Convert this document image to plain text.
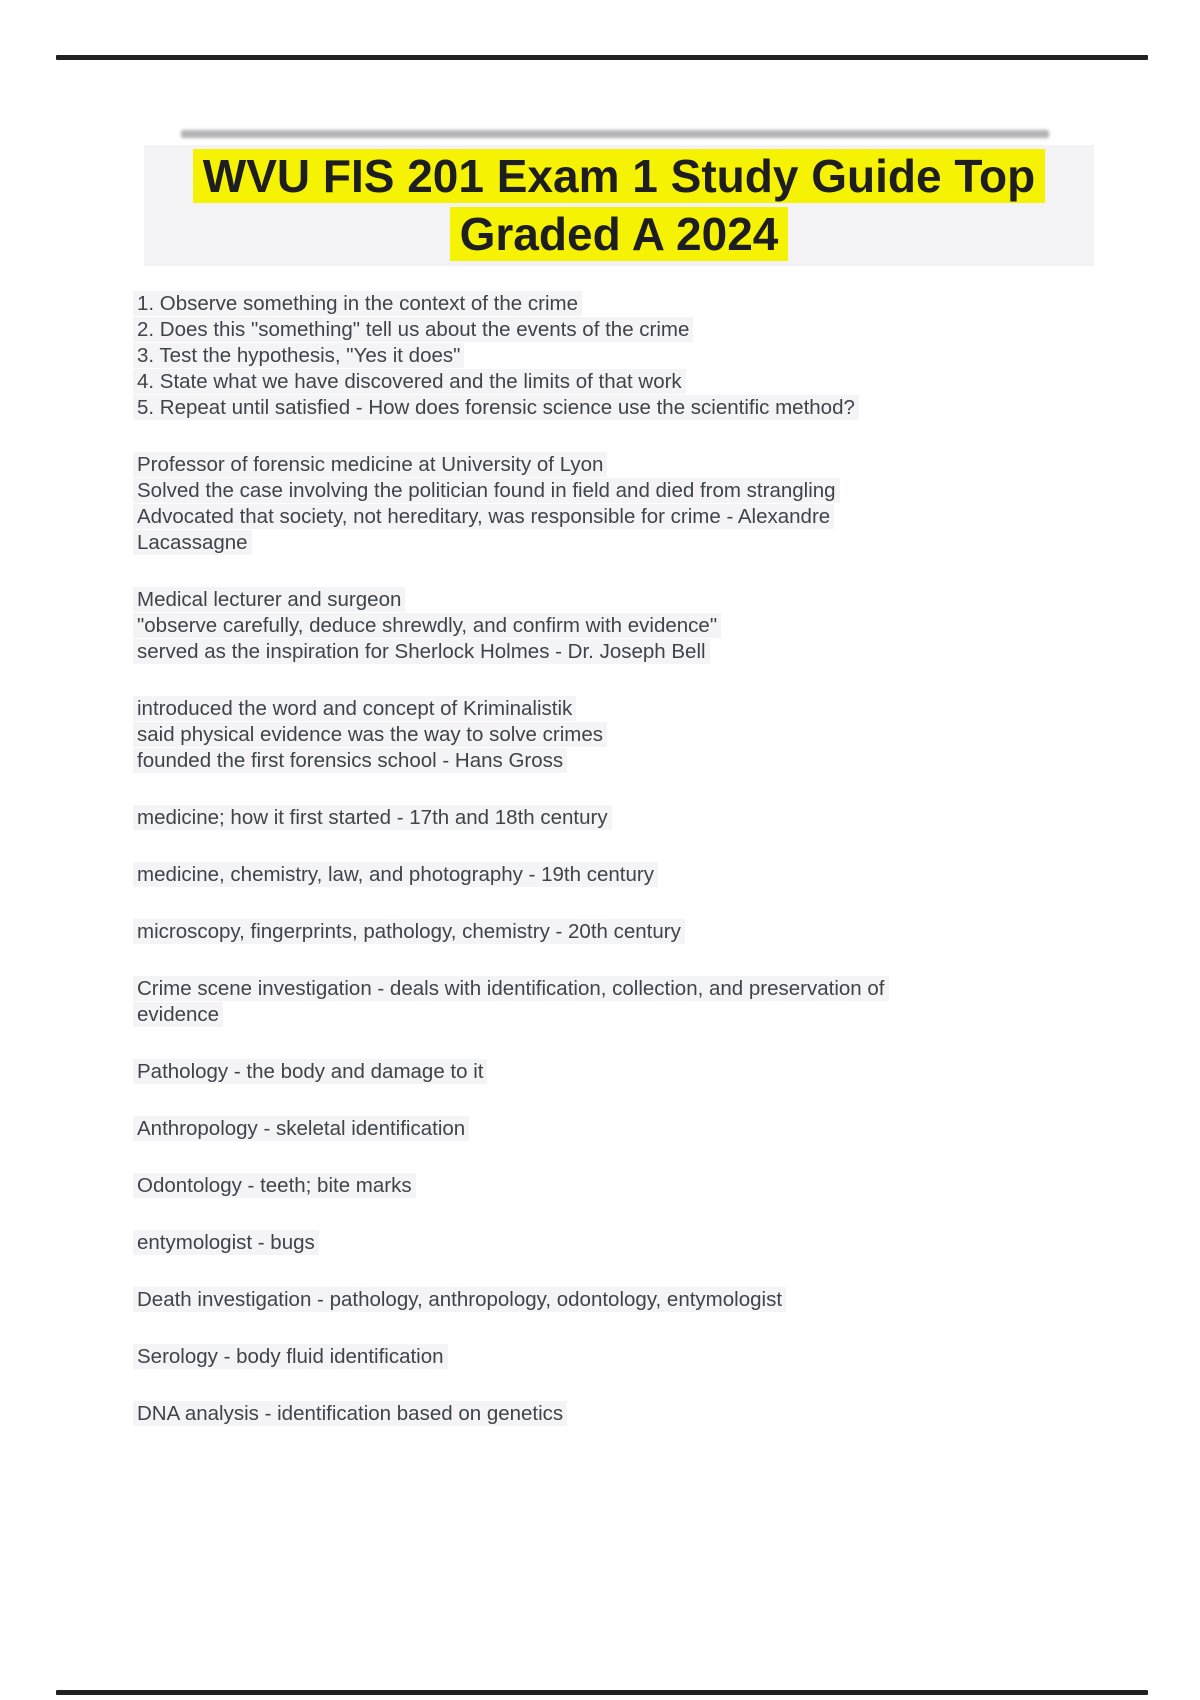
WVU FIS 201 Exam 1 Study Guide Top
Graded A 2024
1. Observe something in the context of the crime
2. Does this "something" tell us about the events of the crime
3. Test the hypothesis, "Yes it does"
4. State what we have discovered and the limits of that work
5. Repeat until satisfied - How does forensic science use the scientific method?
Professor of forensic medicine at University of Lyon
Solved the case involving the politician found in field and died from strangling
Advocated that society, not hereditary, was responsible for crime - Alexandre
Lacassagne
Medical lecturer and surgeon
"observe carefully, deduce shrewdly, and confirm with evidence"
served as the inspiration for Sherlock Holmes - Dr. Joseph Bell
introduced the word and concept of Kriminalistik
said physical evidence was the way to solve crimes
founded the first forensics school - Hans Gross
medicine; how it first started - 17th and 18th century
medicine, chemistry, law, and photography - 19th century
microscopy, fingerprints, pathology, chemistry - 20th century
Crime scene investigation - deals with identification, collection, and preservation of
evidence
Pathology - the body and damage to it
Anthropology - skeletal identification
Odontology - teeth; bite marks
entymologist - bugs
Death investigation - pathology, anthropology, odontology, entymologist
Serology - body fluid identification
DNA analysis - identification based on genetics
